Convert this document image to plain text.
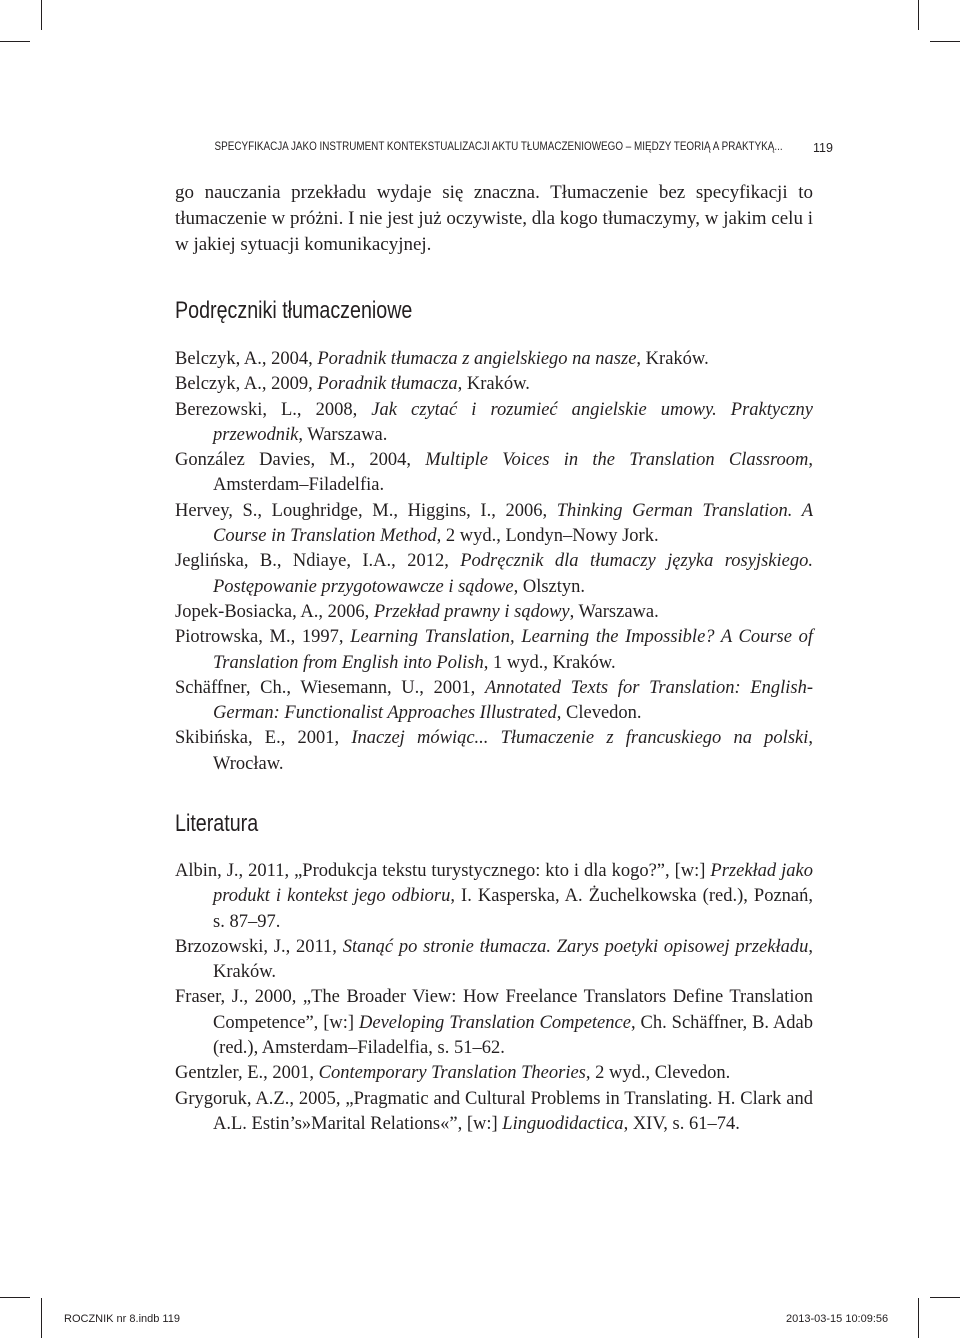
SPECYFIKACJA JAKO INSTRUMENT KONTEKSTUALIZACJI AKTU TŁUMACZENIOWEGO – MIĘDZY TEORIĄ A PRAKTYKĄ... 119

go nauczania przekładu wydaje się znaczna. Tłumaczenie bez specyfikacji to tłumaczenie w próżni. I nie jest już oczywiste, dla kogo tłumaczymy, w jakim celu i w jakiej sytuacji komunikacyjnej.

Podręczniki tłumaczeniowe
Belczyk, A., 2004, Poradnik tłumacza z angielskiego na nasze, Kraków.
Belczyk, A., 2009, Poradnik tłumacza, Kraków.
Berezowski, L., 2008, Jak czytać i rozumieć angielskie umowy. Praktyczny przewodnik, Warszawa.
González Davies, M., 2004, Multiple Voices in the Translation Classroom, Amsterdam–Filadelfia.
Hervey, S., Loughridge, M., Higgins, I., 2006, Thinking German Translation. A Course in Translation Method, 2 wyd., Londyn–Nowy Jork.
Jeglińska, B., Ndiaye, I.A., 2012, Podręcznik dla tłumaczy języka rosyjskiego. Postępowanie przygotowawcze i sądowe, Olsztyn.
Jopek-Bosiacka, A., 2006, Przekład prawny i sądowy, Warszawa.
Piotrowska, M., 1997, Learning Translation, Learning the Impossible? A Course of Translation from English into Polish, 1 wyd., Kraków.
Schäffner, Ch., Wiesemann, U., 2001, Annotated Texts for Translation: English-German: Functionalist Approaches Illustrated, Clevedon.
Skibińska, E., 2001, Inaczej mówiąc... Tłumaczenie z francuskiego na polski, Wrocław.
Literatura
Albin, J., 2011, „Produkcja tekstu turystycznego: kto i dla kogo?”, [w:] Przekład jako produkt i kontekst jego odbioru, I. Kasperska, A. Żuchelkowska (red.), Poznań, s. 87–97.
Brzozowski, J., 2011, Stanąć po stronie tłumacza. Zarys poetyki opisowej przekładu, Kraków.
Fraser, J., 2000, „The Broader View: How Freelance Translators Define Translation Competence”, [w:] Developing Translation Competence, Ch. Schäffner, B. Adab (red.), Amsterdam–Filadelfia, s. 51–62.
Gentzler, E., 2001, Contemporary Translation Theories, 2 wyd., Clevedon.
Grygoruk, A.Z., 2005, „Pragmatic and Cultural Problems in Translating. H. Clark and A.L. Estin’s»Marital Relations«”, [w:] Linguodidactica, XIV, s. 61–74.
ROCZNIK nr 8.indb 119	2013-03-15 10:09:56
